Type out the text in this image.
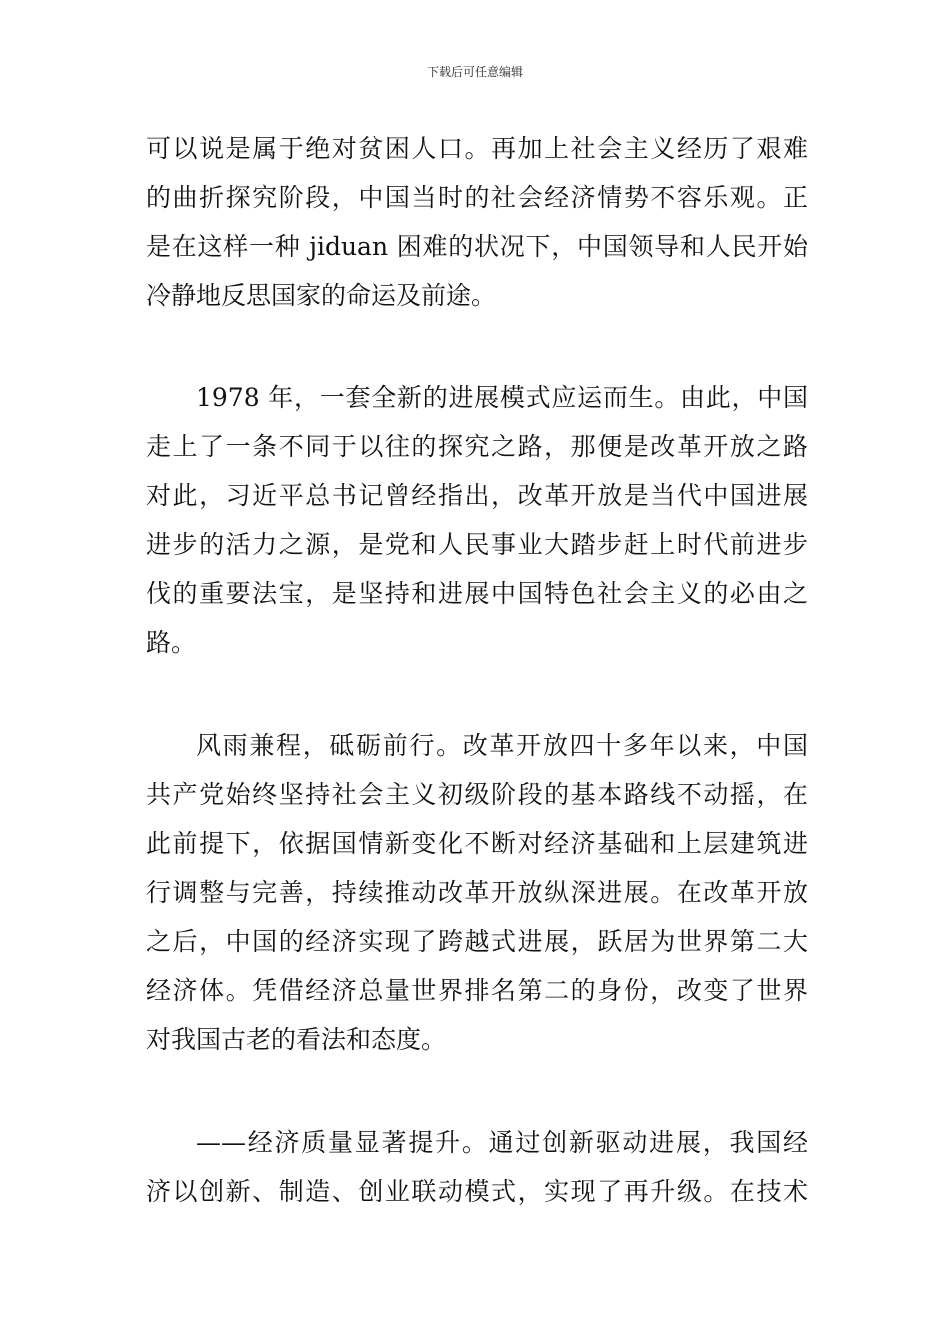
下载后可任意编辑
可以说是属于绝对贫困人口。再加上社会主义经历了艰难
的曲折探究阶段，中国当时的社会经济情势不容乐观。正
是在这样一种 jiduan 困难的状况下，中国领导和人民开始
冷静地反思国家的命运及前途。
1978 年，一套全新的进展模式应运而生。由此，中国
走上了一条不同于以往的探究之路，那便是改革开放之路
对此，习近平总书记曾经指出，改革开放是当代中国进展
进步的活力之源，是党和人民事业大踏步赶上时代前进步
伐的重要法宝，是坚持和进展中国特色社会主义的必由之
路。
风雨兼程，砥砺前行。改革开放四十多年以来，中国
共产党始终坚持社会主义初级阶段的基本路线不动摇，在
此前提下，依据国情新变化不断对经济基础和上层建筑进
行调整与完善，持续推动改革开放纵深进展。在改革开放
之后，中国的经济实现了跨越式进展，跃居为世界第二大
经济体。凭借经济总量世界排名第二的身份，改变了世界
对我国古老的看法和态度。
——经济质量显著提升。通过创新驱动进展，我国经
济以创新、制造、创业联动模式，实现了再升级。在技术
